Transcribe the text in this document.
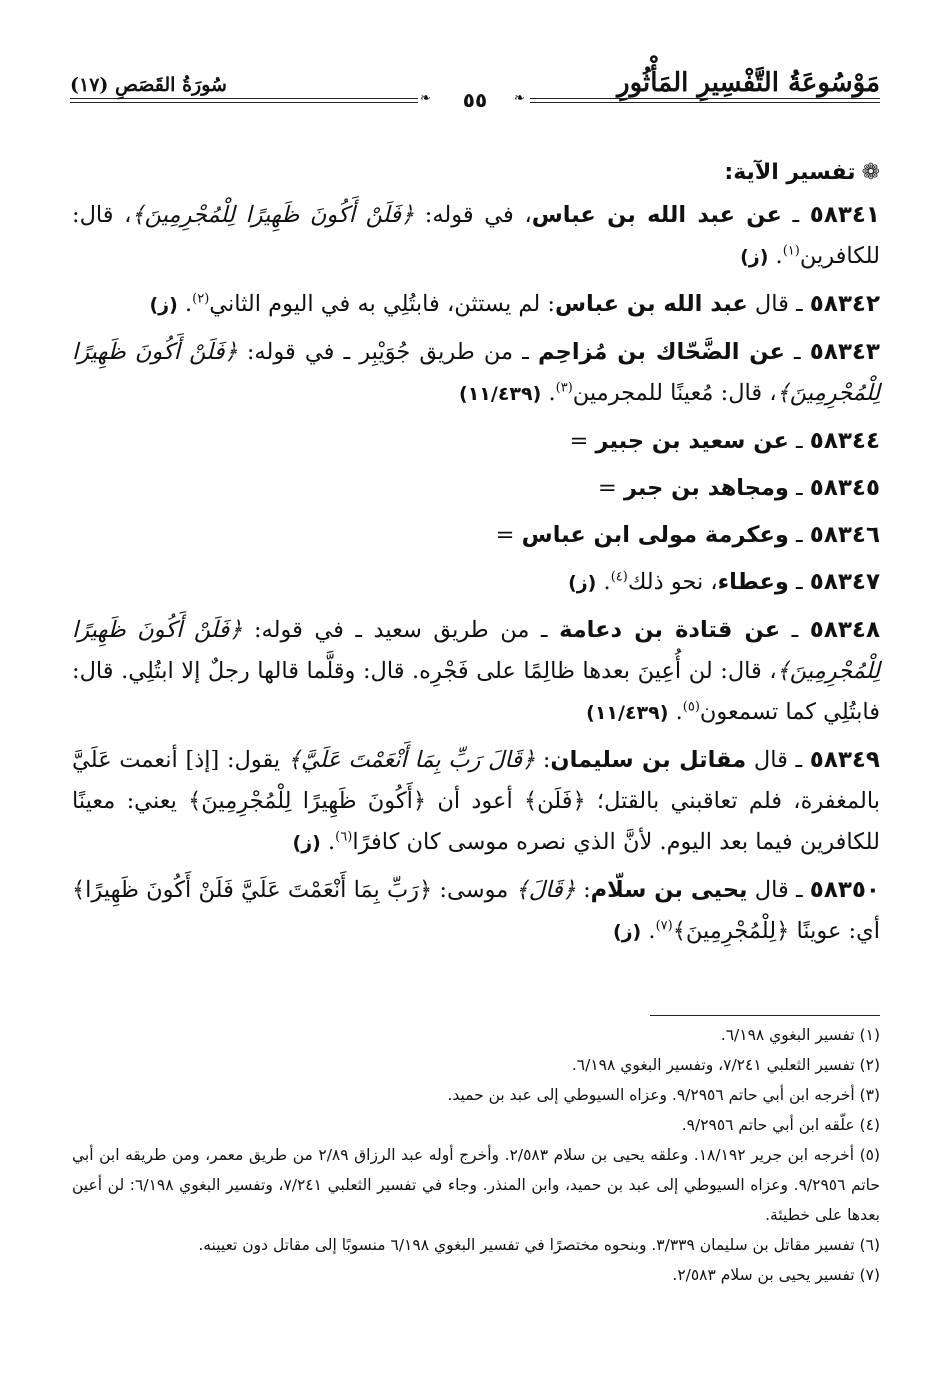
مَوْسُوعَةُ التَّفْسِيرِ المَأْثُورِ
سُورَةُ القَصَصِ (١٧)
❧	٥٥	❧
❁تفسير الآية:

٥٨٣٤١ ـ عن عبد الله بن عباس، في قوله: ﴿فَلَنْ أَكُونَ ظَهِيرًا لِلْمُجْرِمِينَ﴾، قال: للكافرين$^{(١)}$. (ز)

٥٨٣٤٢ ـ قال عبد الله بن عباس: لم يستثن، فابتُلِي به في اليوم الثاني$^{(٢)}$. (ز)

٥٨٣٤٣ ـ عن الضَّحّاك بن مُزاحِم ـ من طريق جُوَيْبِر ـ في قوله: ﴿فَلَنْ أَكُونَ ظَهِيرًا لِلْمُجْرِمِينَ﴾، قال: مُعينًا للمجرمين$^{(٣)}$. (١١/٤٣٩)

٥٨٣٤٤ ـ عن سعيد بن جبير =

٥٨٣٤٥ ـ ومجاهد بن جبر =

٥٨٣٤٦ ـ وعكرمة مولى ابن عباس =

٥٨٣٤٧ ـ وعطاء، نحو ذلك$^{(٤)}$. (ز)

٥٨٣٤٨ ـ عن قتادة بن دعامة ـ من طريق سعيد ـ في قوله: ﴿فَلَنْ أَكُونَ ظَهِيرًا لِلْمُجْرِمِينَ﴾، قال: لن أُعِينَ بعدها ظالِمًا على فَجْرِه. قال: وقلَّما قالها رجلٌ إلا ابتُلِي. قال: فابتُلِي كما تسمعون$^{(٥)}$. (١١/٤٣٩)

٥٨٣٤٩ ـ قال مقاتل بن سليمان: ﴿قَالَ رَبِّ بِمَا أَنْعَمْتَ عَلَيَّ﴾ يقول: [إذ] أنعمت عَلَيَّ بالمغفرة، فلم تعاقبني بالقتل؛ ﴿فَلَن﴾ أعود أن ﴿أَكُونَ ظَهِيرًا لِلْمُجْرِمِينَ﴾ يعني: معينًا للكافرين فيما بعد اليوم. لأنَّ الذي نصره موسى كان كافرًا$^{(٦)}$. (ز)

٥٨٣٥٠ ـ قال يحيى بن سلّام: ﴿قَالَ﴾ موسى: ﴿رَبِّ بِمَا أَنْعَمْتَ عَلَيَّ فَلَنْ أَكُونَ ظَهِيرًا﴾ أي: عوينًا ﴿لِلْمُجْرِمِينَ﴾$^{(٧)}$. (ز)

(١) تفسير البغوي ٦/١٩٨.

(٢) تفسير الثعلبي ٧/٢٤١، وتفسير البغوي ٦/١٩٨.

(٣) أخرجه ابن أبي حاتم ٩/٢٩٥٦. وعزاه السيوطي إلى عبد بن حميد.

(٤) علّقه ابن أبي حاتم ٩/٢٩٥٦.

(٥) أخرجه ابن جرير ١٨/١٩٢. وعلقه يحيى بن سلام ٢/٥٨٣. وأخرج أوله عبد الرزاق ٢/٨٩ من طريق معمر، ومن طريقه ابن أبي حاتم ٩/٢٩٥٦. وعزاه السيوطي إلى عبد بن حميد، وابن المنذر. وجاء في تفسير الثعلبي ٧/٢٤١، وتفسير البغوي ٦/١٩٨: لن أعين بعدها على خطيئة.

(٦) تفسير مقاتل بن سليمان ٣/٣٣٩. وبنحوه مختصرًا في تفسير البغوي ٦/١٩٨ منسوبًا إلى مقاتل دون تعيينه.

(٧) تفسير يحيى بن سلام ٢/٥٨٣.
